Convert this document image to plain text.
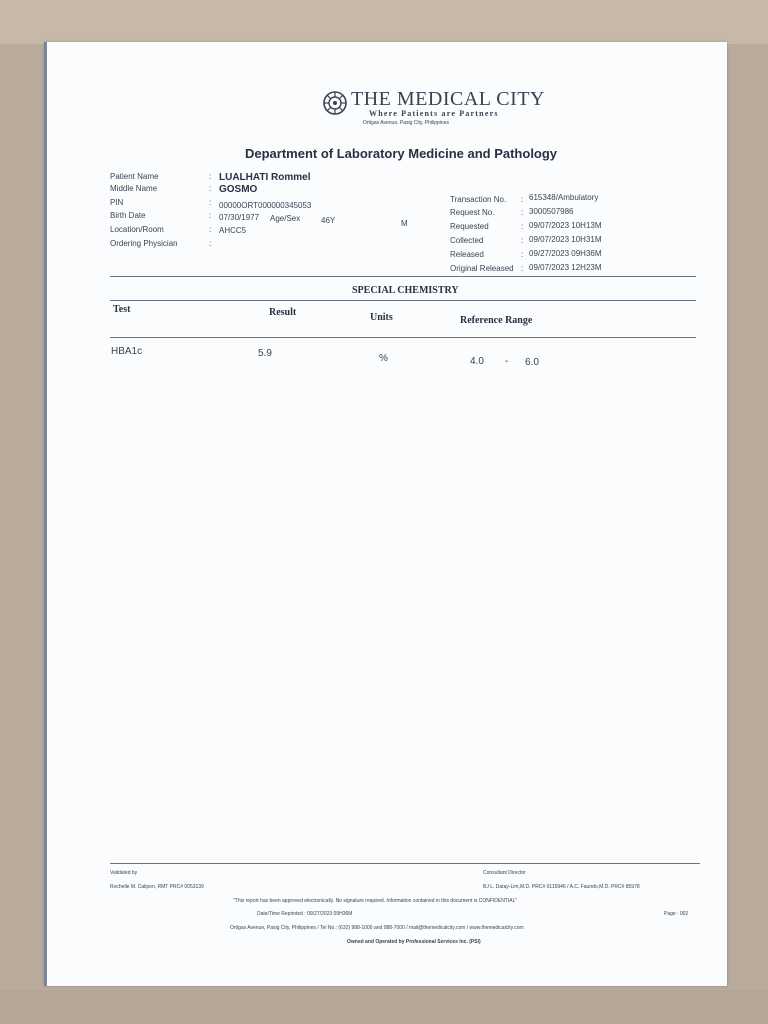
THE MEDICAL CITY
Where Patients are Partners
Ortigas Avenue, Pasig City, Philippines
Department of Laboratory Medicine and Pathology
Patient Name	: LUALHATI Rommel
Middle Name	: GOSMO
PIN	: 00000ORT000000345053
Birth Date	: 07/30/1977 Age/Sex	46Y	M
Location/Room	: AHCC5
Ordering Physician	:
Transaction No. : 615348/Ambulatory
Request No.	: 3000507986
Requested	: 09/07/2023 10H13M
Collected	: 09/07/2023 10H31M
Released	: 09/27/2023 09H36M
Original Released : 09/07/2023 12H23M
SPECIAL CHEMISTRY
Test	Result	Units	Reference Range
HBA1c	5.9	%	4.0 - 6.0
Validated by
Rochelle M. Calipon, RMT PRC# 0053139
Consultant Director
BJ L. Datay-Lim,M.D. PRC# 0115946 / A.C. Faundo,M.D. PRC# 85978
"This report has been approved electronically. No signature required. Information contained in this document is CONFIDENTIAL"
Date/Time Reprinted : 09/27/2023 09H36M	Page : 002
Ortigas Avenue, Pasig City, Philippines / Tel No.: (632) 988-1000 and 988-7000 / mail@themedicalcity.com / www.themedicalcity.com
Owned and Operated by Professional Services Inc. (PSI)
